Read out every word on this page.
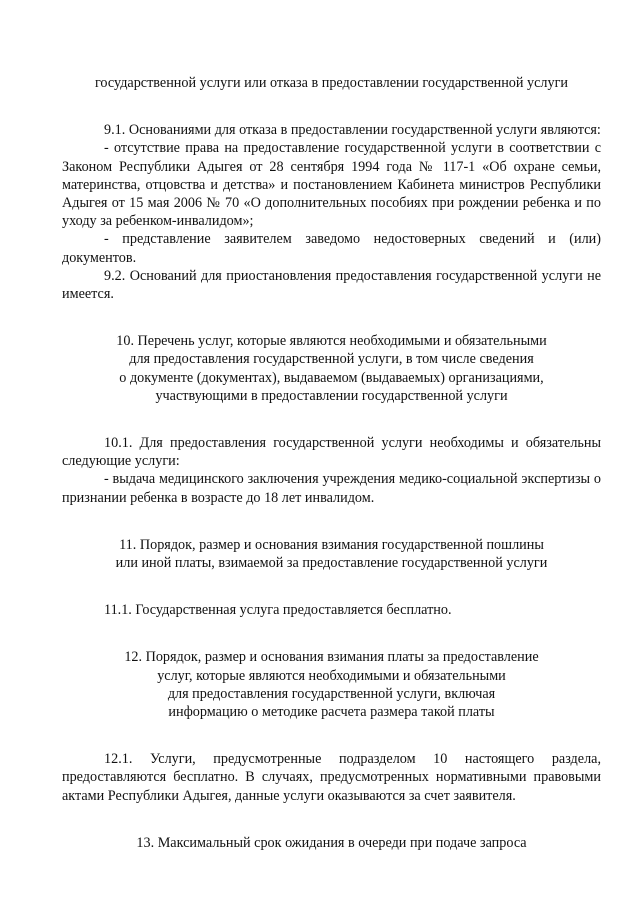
государственной услуги или отказа в предоставлении государственной услуги

9.1. Основаниями для отказа в предоставлении государственной услуги являются:

- отсутствие права на предоставление государственной услуги в соответствии с Законом Республики Адыгея от 28 сентября 1994 года № 117-1 «Об охране семьи, материнства, отцовства и детства» и постановлением Кабинета министров Республики Адыгея от 15 мая 2006 № 70 «О дополнительных пособиях при рождении ребенка и по уходу за ребенком-инвалидом»;

- представление заявителем заведомо недостоверных сведений и (или) документов.

9.2. Оснований для приостановления предоставления государственной услуги не имеется.

10. Перечень услуг, которые являются необходимыми и обязательными
для предоставления государственной услуги, в том числе сведения
о документе (документах), выдаваемом (выдаваемых) организациями,
участвующими в предоставлении государственной услуги

10.1. Для предоставления государственной услуги необходимы и обязательны следующие услуги:

- выдача медицинского заключения учреждения медико-социальной экспертизы о признании ребенка в возрасте до 18 лет инвалидом.

11. Порядок, размер и основания взимания государственной пошлины
или иной платы, взимаемой за предоставление государственной услуги

11.1. Государственная услуга предоставляется бесплатно.

12. Порядок, размер и основания взимания платы за предоставление
услуг, которые являются необходимыми и обязательными
для предоставления государственной услуги, включая
информацию о методике расчета размера такой платы

12.1. Услуги, предусмотренные подразделом 10 настоящего раздела, предоставляются бесплатно. В случаях, предусмотренных нормативными правовыми актами Республики Адыгея, данные услуги оказываются за счет заявителя.

13. Максимальный срок ожидания в очереди при подаче запроса
